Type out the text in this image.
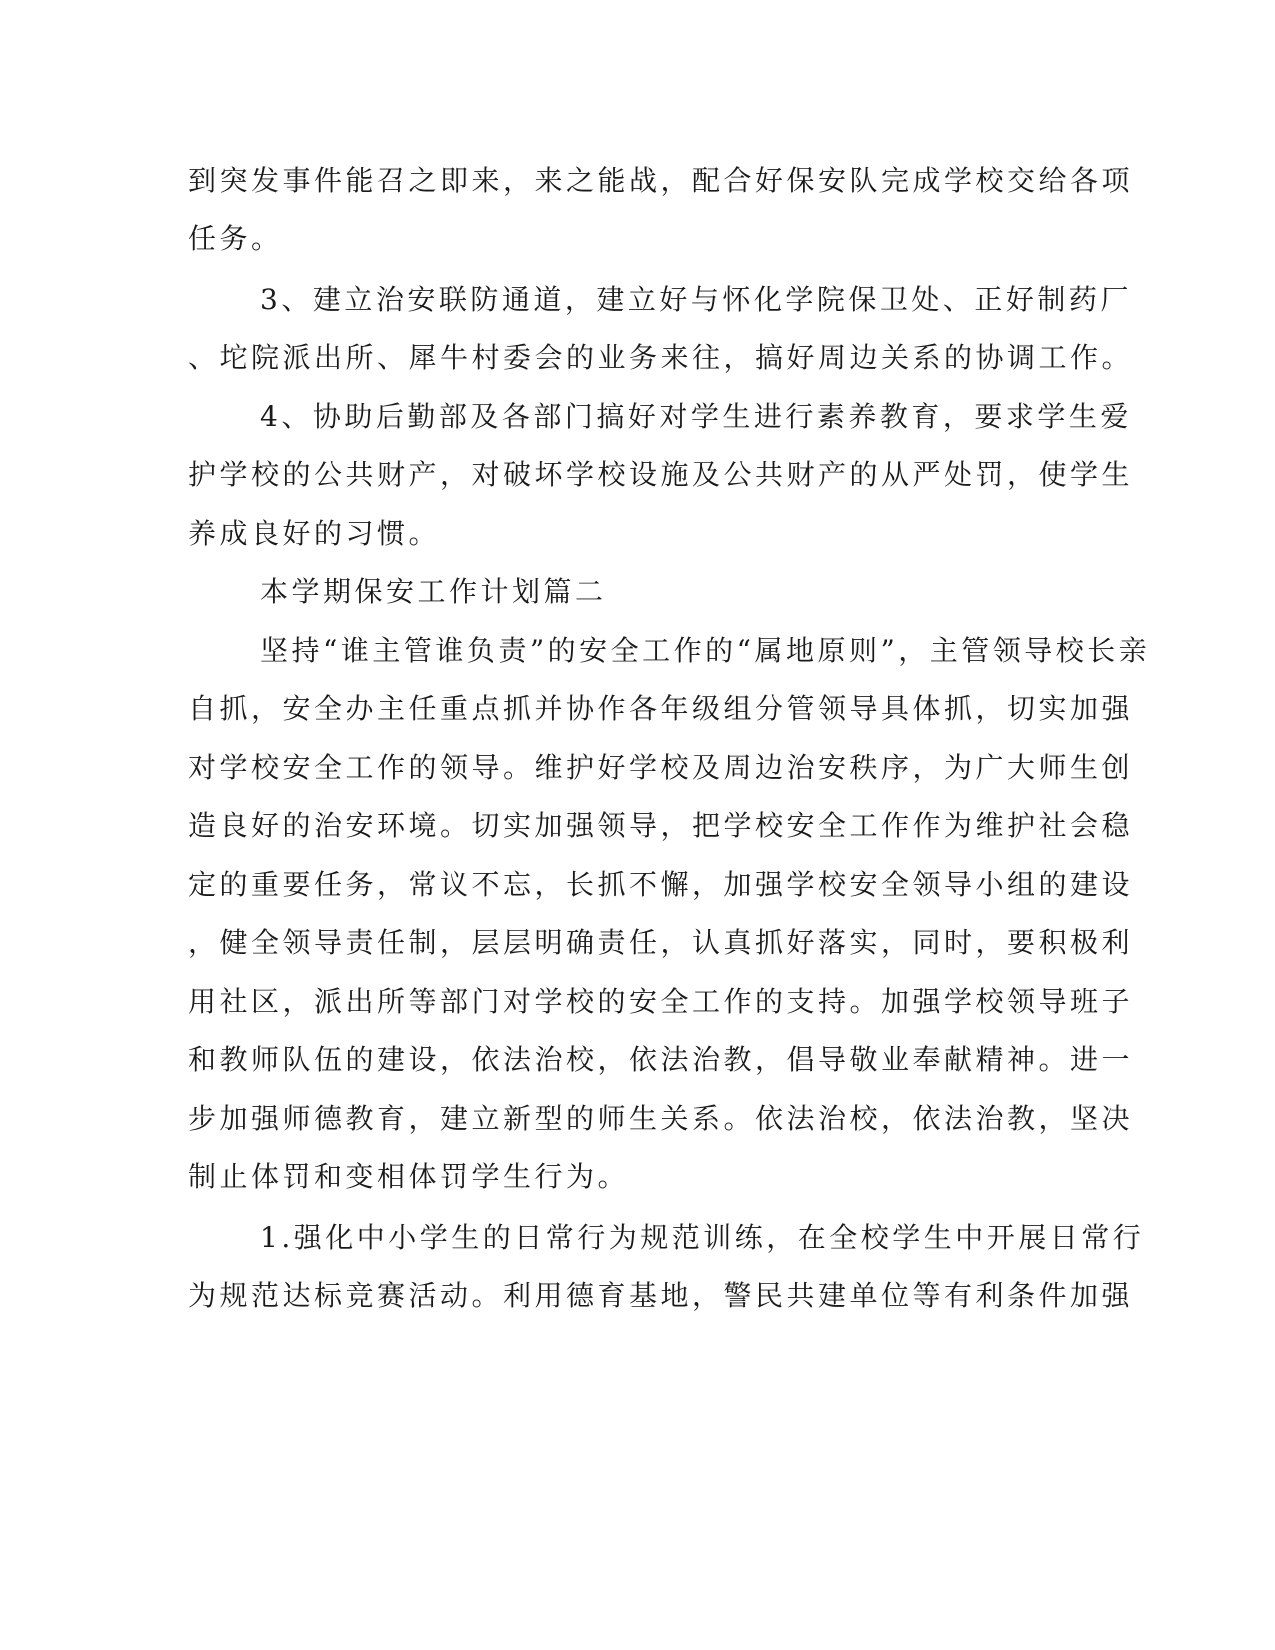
到突发事件能召之即来，来之能战，配合好保安队完成学校交给各项
任务。
3、建立治安联防通道，建立好与怀化学院保卫处、正好制药厂
、坨院派出所、犀牛村委会的业务来往，搞好周边关系的协调工作。
4、协助后勤部及各部门搞好对学生进行素养教育，要求学生爱
护学校的公共财产，对破坏学校设施及公共财产的从严处罚，使学生
养成良好的习惯。
本学期保安工作计划篇二
坚持“谁主管谁负责”的安全工作的“属地原则”，主管领导校长亲
自抓，安全办主任重点抓并协作各年级组分管领导具体抓，切实加强
对学校安全工作的领导。维护好学校及周边治安秩序，为广大师生创
造良好的治安环境。切实加强领导，把学校安全工作作为维护社会稳
定的重要任务，常议不忘，长抓不懈，加强学校安全领导小组的建设
，健全领导责任制，层层明确责任，认真抓好落实，同时，要积极利
用社区，派出所等部门对学校的安全工作的支持。加强学校领导班子
和教师队伍的建设，依法治校，依法治教，倡导敬业奉献精神。进一
步加强师德教育，建立新型的师生关系。依法治校，依法治教，坚决
制止体罚和变相体罚学生行为。
1.强化中小学生的日常行为规范训练，在全校学生中开展日常行
为规范达标竞赛活动。利用德育基地，警民共建单位等有利条件加强
